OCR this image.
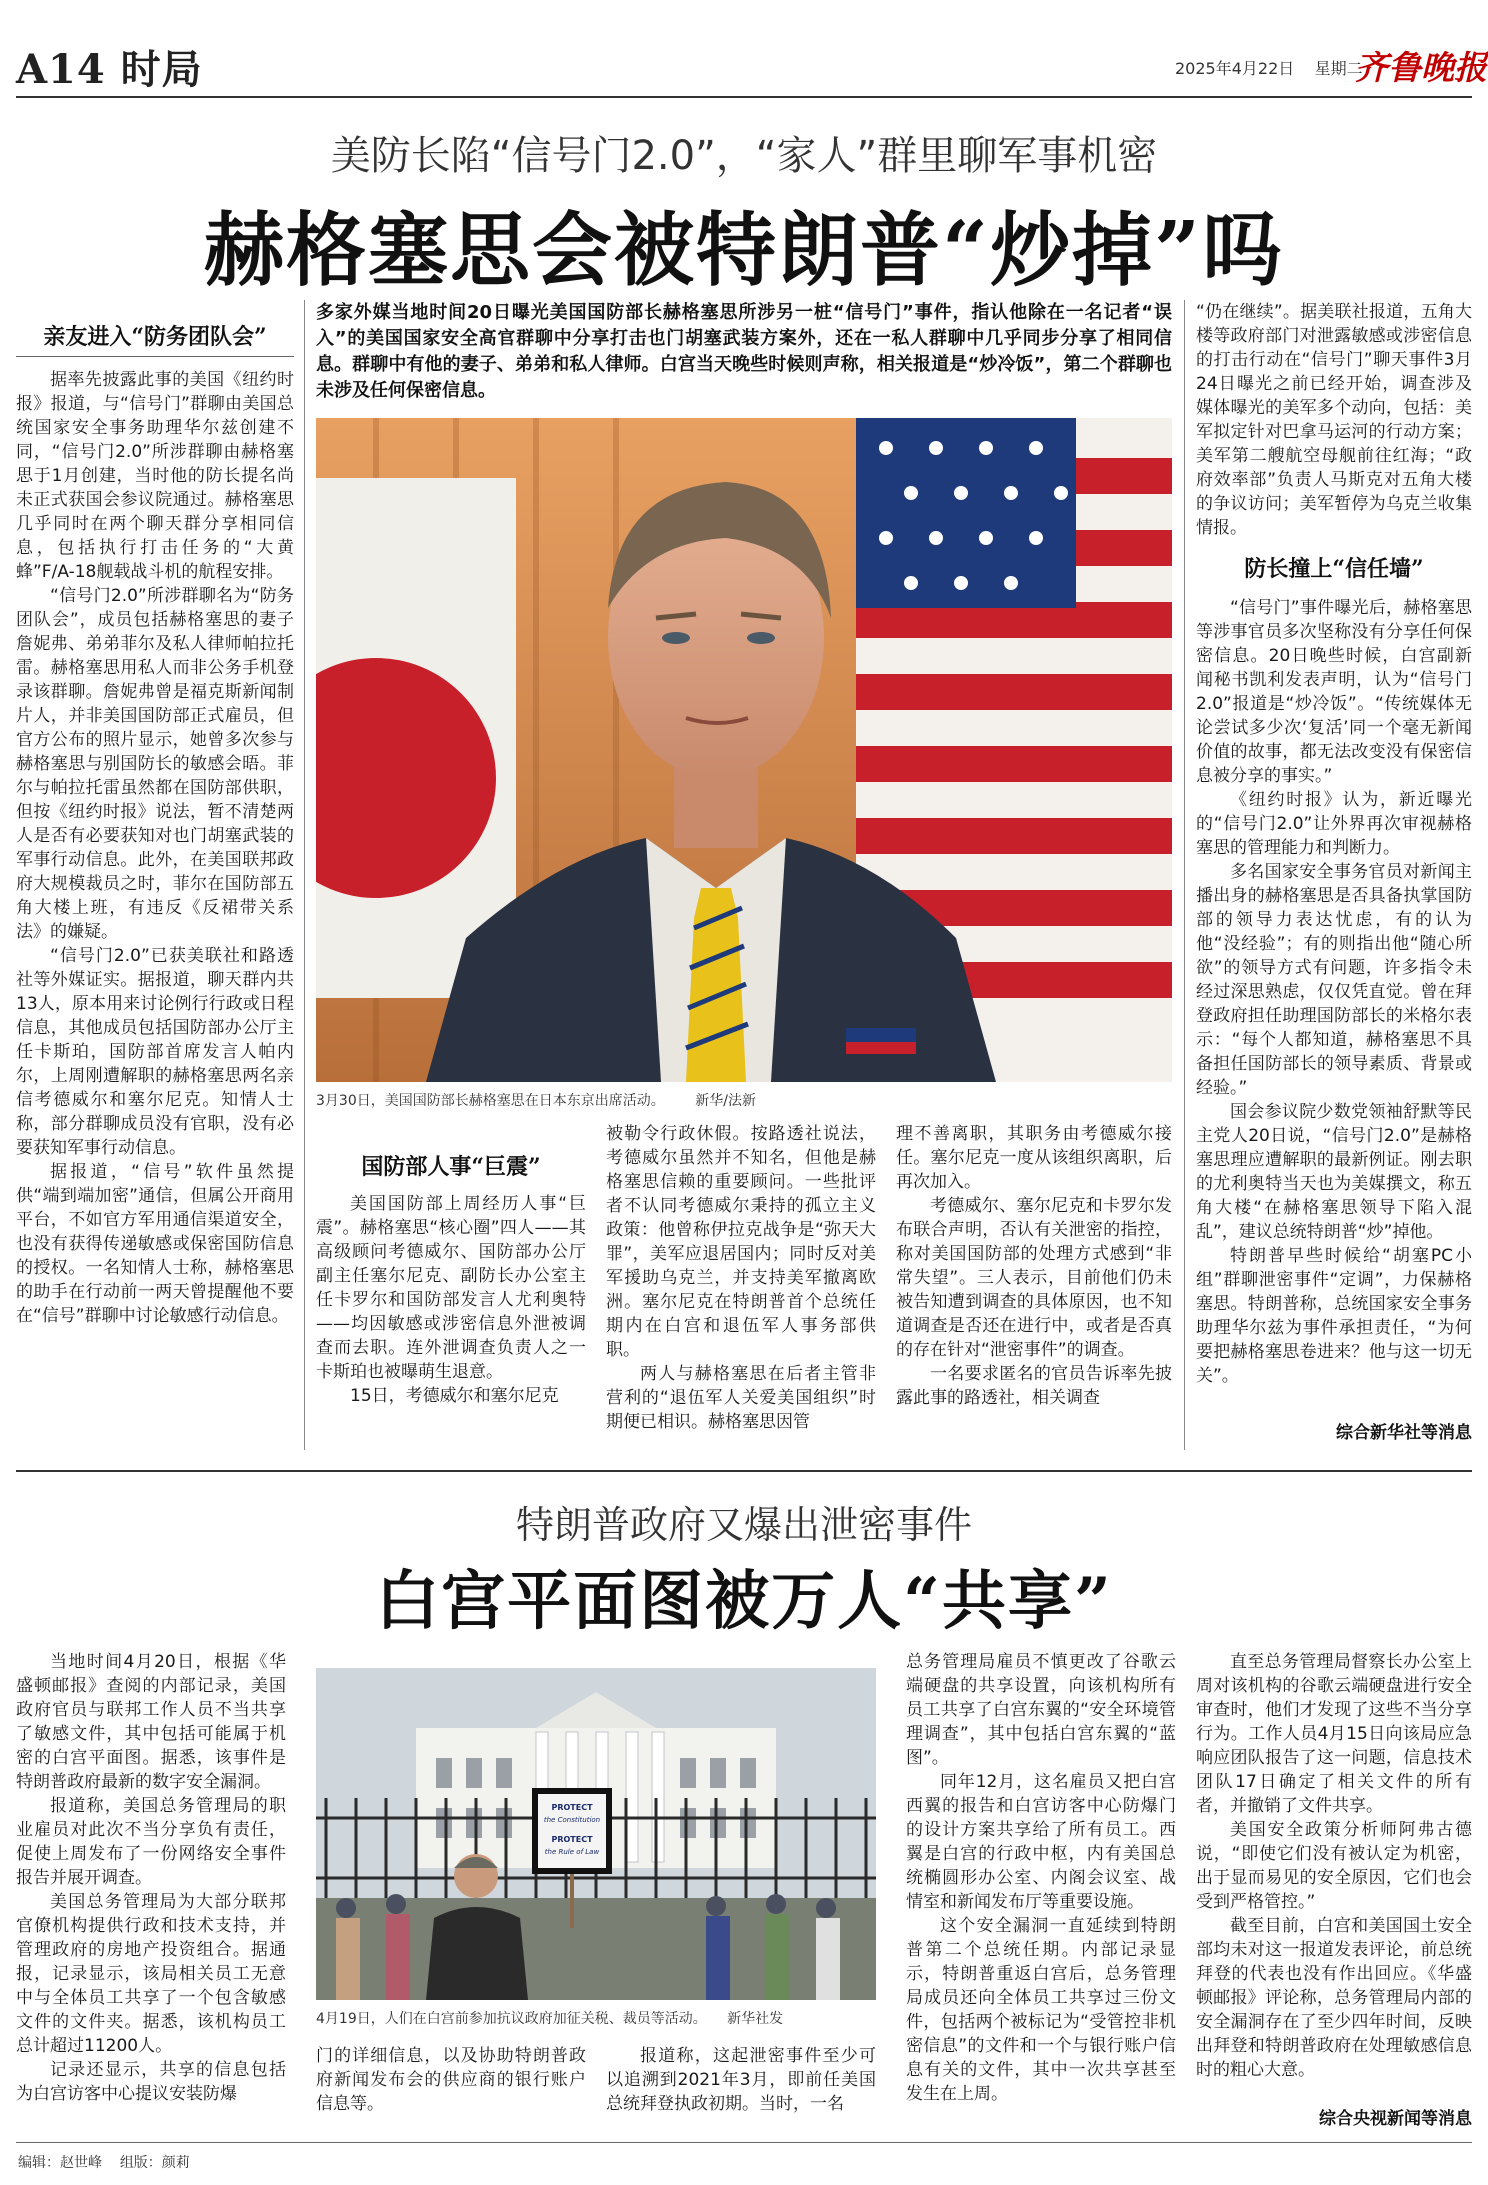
A14 时局	2025年4月22日 星期二
齐鲁晚报
美防长陷“信号门2.0”，“家人”群里聊军事机密
赫格塞思会被特朗普“炒掉”吗
亲友进入“防务团队会”

据率先披露此事的美国《纽约时报》报道，与“信号门”群聊由美国总统国家安全事务助理华尔兹创建不同，“信号门2.0”所涉群聊由赫格塞思于1月创建，当时他的防长提名尚未正式获国会参议院通过。赫格塞思几乎同时在两个聊天群分享相同信息，包括执行打击任务的“大黄蜂”F/A-18舰载战斗机的航程安排。

“信号门2.0”所涉群聊名为“防务团队会”，成员包括赫格塞思的妻子詹妮弗、弟弟菲尔及私人律师帕拉托雷。赫格塞思用私人而非公务手机登录该群聊。詹妮弗曾是福克斯新闻制片人，并非美国国防部正式雇员，但官方公布的照片显示，她曾多次参与赫格塞思与别国防长的敏感会晤。菲尔与帕拉托雷虽然都在国防部供职，但按《纽约时报》说法，暂不清楚两人是否有必要获知对也门胡塞武装的军事行动信息。此外，在美国联邦政府大规模裁员之时，菲尔在国防部五角大楼上班，有违反《反裙带关系法》的嫌疑。

“信号门2.0”已获美联社和路透社等外媒证实。据报道，聊天群内共13人，原本用来讨论例行行政或日程信息，其他成员包括国防部办公厅主任卡斯珀，国防部首席发言人帕内尔，上周刚遭解职的赫格塞思两名亲信考德威尔和塞尔尼克。知情人士称，部分群聊成员没有官职，没有必要获知军事行动信息。

据报道，“信号”软件虽然提供“端到端加密”通信，但属公开商用平台，不如官方军用通信渠道安全，也没有获得传递敏感或保密国防信息的授权。一名知情人士称，赫格塞思的助手在行动前一两天曾提醒他不要在“信号”群聊中讨论敏感行动信息。

多家外媒当地时间20日曝光美国国防部长赫格塞思所涉另一桩“信号门”事件，指认他除在一名记者“误入”的美国国家安全高官群聊中分享打击也门胡塞武装方案外，还在一私人群聊中几乎同步分享了相同信息。群聊中有他的妻子、弟弟和私人律师。白宫当天晚些时候则声称，相关报道是“炒冷饭”，第二个群聊也未涉及任何保密信息。
3月30日，美国国防部长赫格塞思在日本东京出席活动。 新华/法新
国防部人事“巨震”

美国国防部上周经历人事“巨震”。赫格塞思“核心圈”四人——其高级顾问考德威尔、国防部办公厅副主任塞尔尼克、副防长办公室主任卡罗尔和国防部发言人尤利奥特——均因敏感或涉密信息外泄被调查而去职。连外泄调查负责人之一卡斯珀也被曝萌生退意。

15日，考德威尔和塞尔尼克

被勒令行政休假。按路透社说法，考德威尔虽然并不知名，但他是赫格塞思信赖的重要顾问。一些批评者不认同考德威尔秉持的孤立主义政策：他曾称伊拉克战争是“弥天大罪”，美军应退居国内；同时反对美军援助乌克兰，并支持美军撤离欧洲。塞尔尼克在特朗普首个总统任期内在白宫和退伍军人事务部供职。

两人与赫格塞思在后者主管非营利的“退伍军人关爱美国组织”时期便已相识。赫格塞思因管

理不善离职，其职务由考德威尔接任。塞尔尼克一度从该组织离职，后再次加入。

考德威尔、塞尔尼克和卡罗尔发布联合声明，否认有关泄密的指控，称对美国国防部的处理方式感到“非常失望”。三人表示，目前他们仍未被告知遭到调查的具体原因，也不知道调查是否还在进行中，或者是否真的存在针对“泄密事件”的调查。

一名要求匿名的官员告诉率先披露此事的路透社，相关调查

“仍在继续”。据美联社报道，五角大楼等政府部门对泄露敏感或涉密信息的打击行动在“信号门”聊天事件3月24日曝光之前已经开始，调查涉及媒体曝光的美军多个动向，包括：美军拟定针对巴拿马运河的行动方案；美军第二艘航空母舰前往红海；“政府效率部”负责人马斯克对五角大楼的争议访问；美军暂停为乌克兰收集情报。

防长撞上“信任墙”

“信号门”事件曝光后，赫格塞思等涉事官员多次坚称没有分享任何保密信息。20日晚些时候，白宫副新闻秘书凯利发表声明，认为“信号门2.0”报道是“炒冷饭”。“传统媒体无论尝试多少次‘复活’同一个毫无新闻价值的故事，都无法改变没有保密信息被分享的事实。”

《纽约时报》认为，新近曝光的“信号门2.0”让外界再次审视赫格塞思的管理能力和判断力。

多名国家安全事务官员对新闻主播出身的赫格塞思是否具备执掌国防部的领导力表达忧虑，有的认为他“没经验”；有的则指出他“随心所欲”的领导方式有问题，许多指令未经过深思熟虑，仅仅凭直觉。曾在拜登政府担任助理国防部长的米格尔表示：“每个人都知道，赫格塞思不具备担任国防部长的领导素质、背景或经验。”

国会参议院少数党领袖舒默等民主党人20日说，“信号门2.0”是赫格塞思理应遭解职的最新例证。刚去职的尤利奥特当天也为美媒撰文，称五角大楼“在赫格塞思领导下陷入混乱”，建议总统特朗普“炒”掉他。

特朗普早些时候给“胡塞PC小组”群聊泄密事件“定调”，力保赫格塞思。特朗普称，总统国家安全事务助理华尔兹为事件承担责任，“为何要把赫格塞思卷进来？他与这一切无关”。

综合新华社等消息
特朗普政府又爆出泄密事件
白宫平面图被万人“共享”

当地时间4月20日，根据《华盛顿邮报》查阅的内部记录，美国政府官员与联邦工作人员不当共享了敏感文件，其中包括可能属于机密的白宫平面图。据悉，该事件是特朗普政府最新的数字安全漏洞。

报道称，美国总务管理局的职业雇员对此次不当分享负有责任，促使上周发布了一份网络安全事件报告并展开调查。

美国总务管理局为大部分联邦官僚机构提供行政和技术支持，并管理政府的房地产投资组合。据通报，记录显示，该局相关员工无意中与全体员工共享了一个包含敏感文件的文件夹。据悉，该机构员工总计超过11200人。

记录还显示，共享的信息包括为白宫访客中心提议安装防爆

PROTECT
the Constitution
PROTECT
the Rule of Law
4月19日，人们在白宫前参加抗议政府加征关税、裁员等活动。 新华社发

门的详细信息，以及协助特朗普政府新闻发布会的供应商的银行账户信息等。

报道称，这起泄密事件至少可以追溯到2021年3月，即前任美国总统拜登执政初期。当时，一名

总务管理局雇员不慎更改了谷歌云端硬盘的共享设置，向该机构所有员工共享了白宫东翼的“安全环境管理调查”，其中包括白宫东翼的“蓝图”。

同年12月，这名雇员又把白宫西翼的报告和白宫访客中心防爆门的设计方案共享给了所有员工。西翼是白宫的行政中枢，内有美国总统椭圆形办公室、内阁会议室、战情室和新闻发布厅等重要设施。

这个安全漏洞一直延续到特朗普第二个总统任期。内部记录显示，特朗普重返白宫后，总务管理局成员还向全体员工共享过三份文件，包括两个被标记为“受管控非机密信息”的文件和一个与银行账户信息有关的文件，其中一次共享甚至发生在上周。

直至总务管理局督察长办公室上周对该机构的谷歌云端硬盘进行安全审查时，他们才发现了这些不当分享行为。工作人员4月15日向该局应急响应团队报告了这一问题，信息技术团队17日确定了相关文件的所有者，并撤销了文件共享。

美国安全政策分析师阿弗古德说，“即使它们没有被认定为机密，出于显而易见的安全原因，它们也会受到严格管控。”

截至目前，白宫和美国国土安全部均未对这一报道发表评论，前总统拜登的代表也没有作出回应。《华盛顿邮报》评论称，总务管理局内部的安全漏洞存在了至少四年时间，反映出拜登和特朗普政府在处理敏感信息时的粗心大意。

综合央视新闻等消息
编辑：赵世峰 组版：颜莉
